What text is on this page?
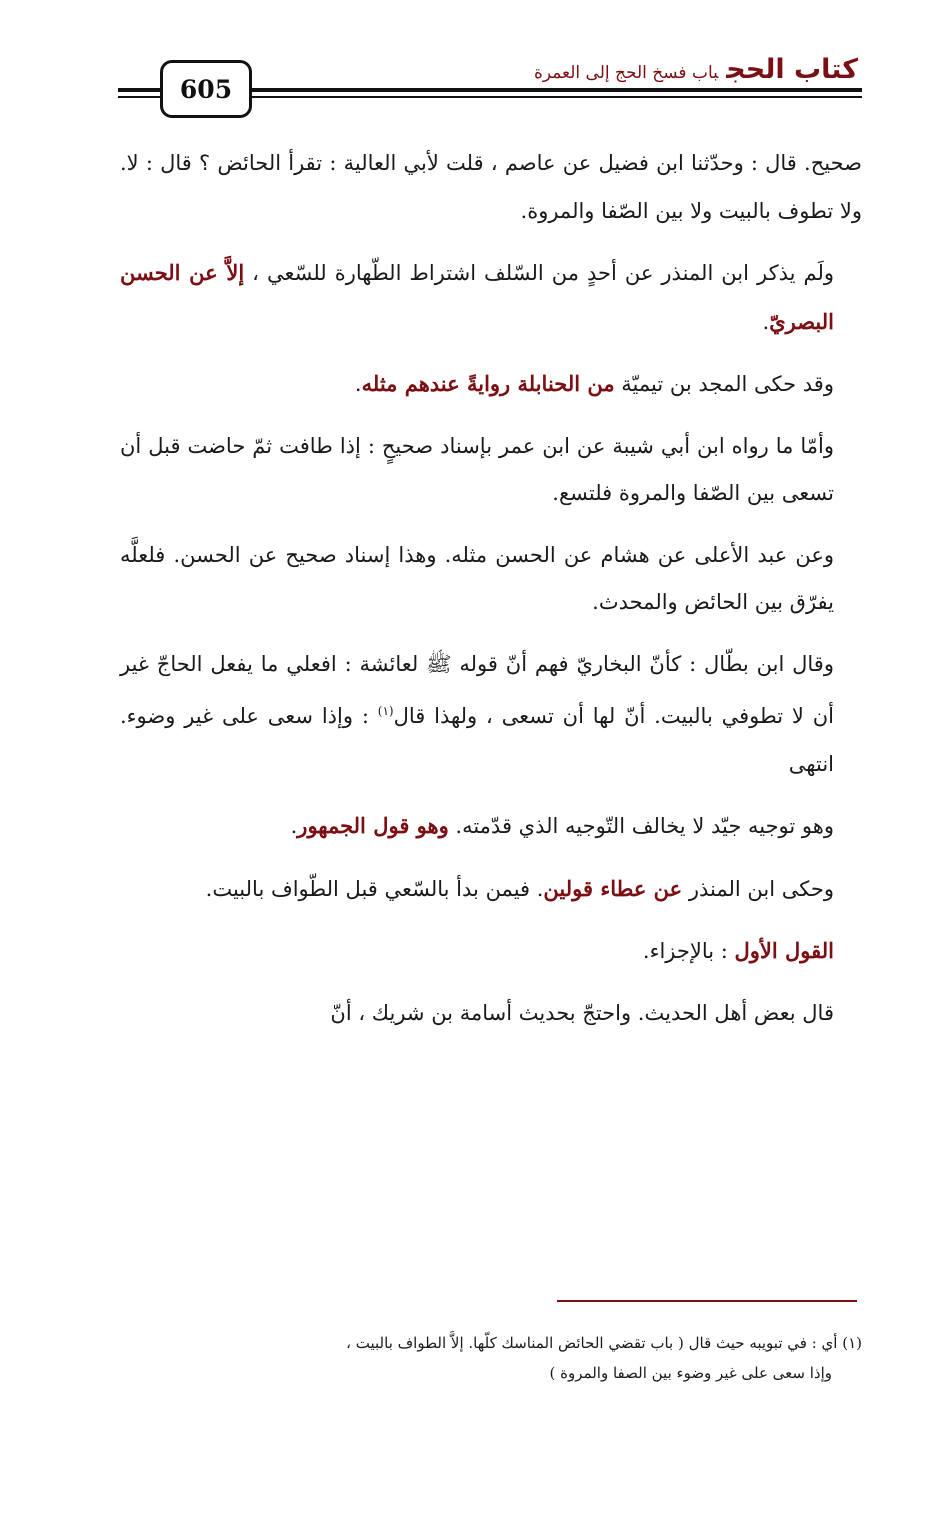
كتاب الحجباب فسخ الحج إلى العمرة
605

صحيح. قال : وحدّثنا ابن فضيل عن عاصم ، قلت لأبي العالية : تقرأ الحائض ؟ قال : لا. ولا تطوف بالبيت ولا بين الصّفا والمروة.

ولَم يذكر ابن المنذر عن أحدٍ من السّلف اشتراط الطّهارة للسّعي ، إلاَّ عن الحسن البصريّ.

وقد حكى المجد بن تيميّة من الحنابلة روايةً عندهم مثله.

وأمّا ما رواه ابن أبي شيبة عن ابن عمر بإسناد صحيحٍ : إذا طافت ثمّ حاضت قبل أن تسعى بين الصّفا والمروة فلتسع.

وعن عبد الأعلى عن هشام عن الحسن مثله. وهذا إسناد صحيح عن الحسن. فلعلَّه يفرّق بين الحائض والمحدث.

وقال ابن بطّال : كأنّ البخاريّ فهم أنّ قوله ﷺ لعائشة : افعلي ما يفعل الحاجّ غير أن لا تطوفي بالبيت. أنّ لها أن تسعى ، ولهذا قال$^{(١)}$ : وإذا سعى على غير وضوء. انتهى

وهو توجيه جيّد لا يخالف التّوجيه الذي قدّمته. وهو قول الجمهور.

وحكى ابن المنذر عن عطاء قولين. فيمن بدأ بالسّعي قبل الطّواف بالبيت.

القول الأول : بالإجزاء.

قال بعض أهل الحديث. واحتجّ بحديث أسامة بن شريك ، أنّ

(١) أي : في تبويبه حيث قال ( باب تقضي الحائض المناسك كلّها. إلاَّ الطواف بالبيت ،

وإذا سعى على غير وضوء بين الصفا والمروة )
